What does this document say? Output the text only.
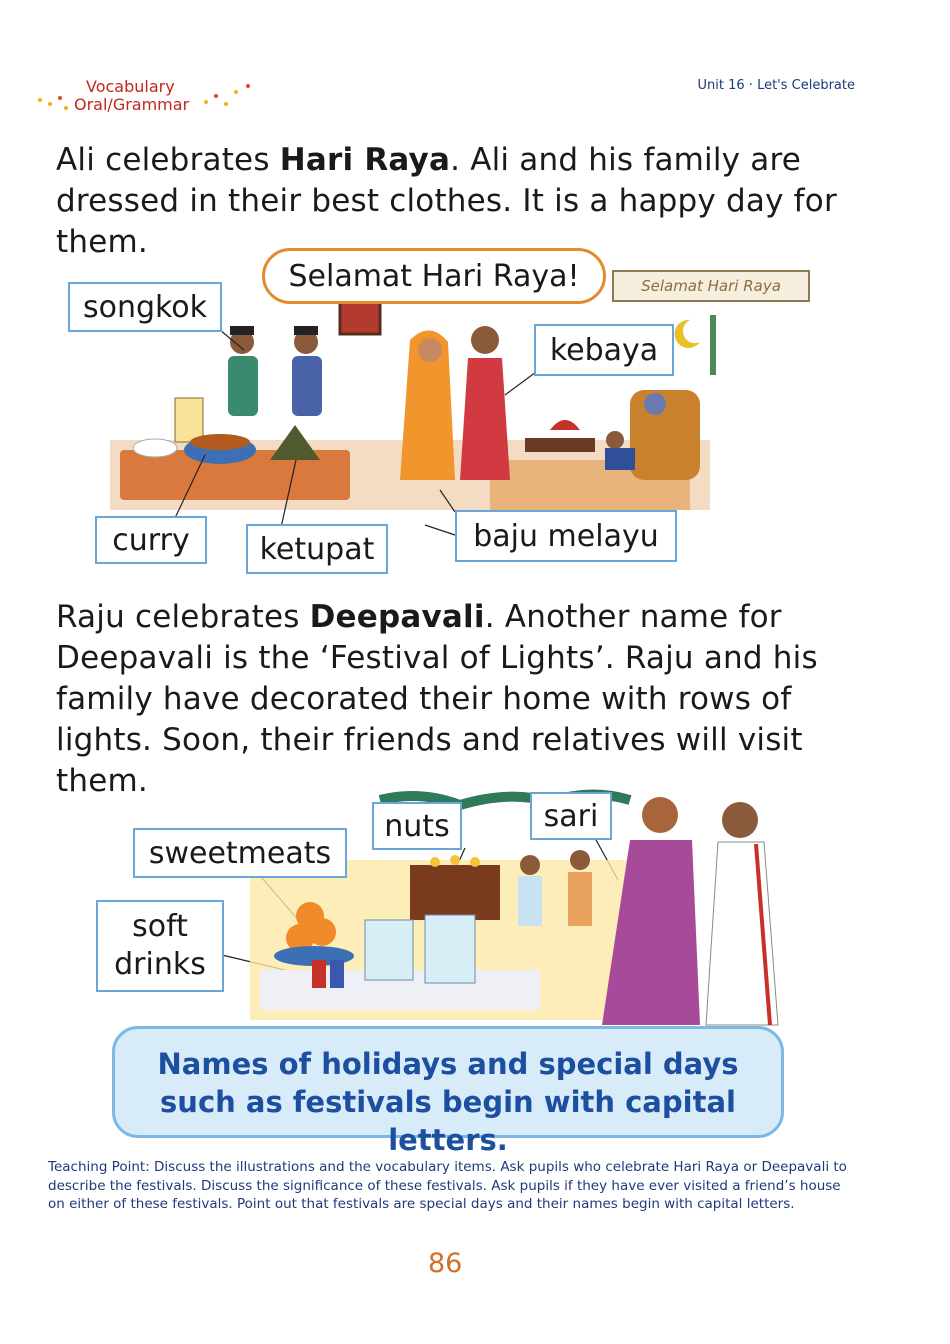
Vocabulary
Oral/Grammar
Unit 16 · Let's Celebrate
Ali celebrates Hari Raya. Ali and his family are dressed in their best clothes. It is a happy day for them.
Selamat Hari Raya
Selamat Hari Raya!
songkok
kebaya
curry	ketupat	baju melayu
Raju celebrates Deepavali. Another name for Deepavali is the ‘Festival of Lights’. Raju and his family have decorated their home with rows of lights. Soon, their friends and relatives will visit them.
nuts	sari
sweetmeats
soft
drinks
Names of holidays and special days
such as festivals begin with capital letters.
Teaching Point: Discuss the illustrations and the vocabulary items. Ask pupils who celebrate Hari Raya or Deepavali to describe the festivals. Discuss the significance of these festivals. Ask pupils if they have ever visited a friend’s house on either of these festivals. Point out that festivals are special days and their names begin with capital letters.
86
